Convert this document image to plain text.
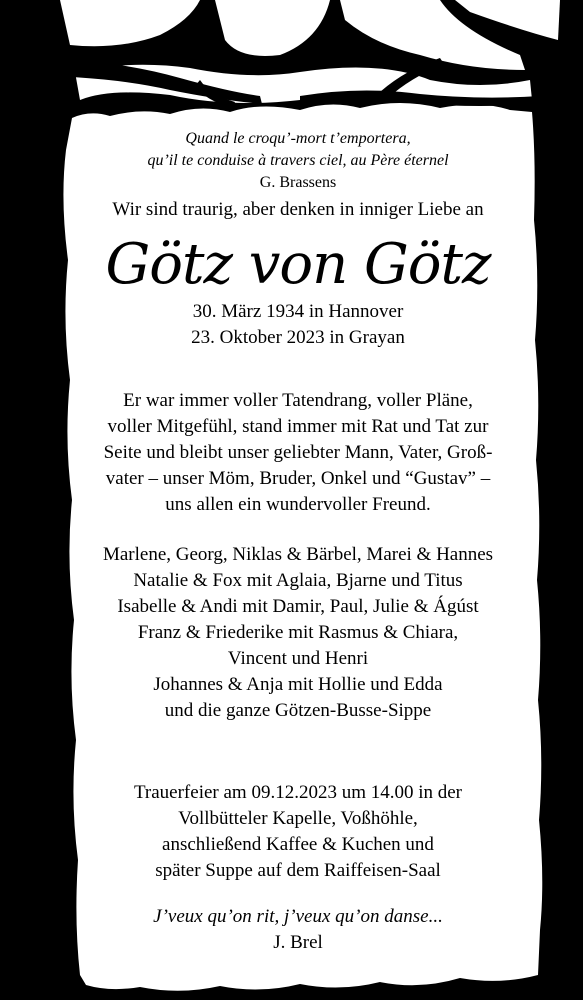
Quand le croqu’-mort t’emportera,
qu’il te conduise à travers ciel, au Père éternel
G. Brassens
Wir sind traurig, aber denken in inniger Liebe an
Götz von Götz
30. März 1934 in Hannover
23. Oktober 2023 in Grayan
Er war immer voller Tatendrang, voller Pläne,
voller Mitgefühl, stand immer mit Rat und Tat zur
Seite und bleibt unser geliebter Mann, Vater, Groß-
vater – unser Möm, Bruder, Onkel und “Gustav” –
uns allen ein wundervoller Freund.
Marlene, Georg, Niklas & Bärbel, Marei & Hannes
Natalie & Fox mit Aglaia, Bjarne und Titus
Isabelle & Andi mit Damir, Paul, Julie & Ágúst
Franz & Friederike mit Rasmus & Chiara,
Vincent und Henri
Johannes & Anja mit Hollie und Edda
und die ganze Götzen-Busse-Sippe
Trauerfeier am 09.12.2023 um 14.00 in der
Vollbütteler Kapelle, Voßhöhle,
anschließend Kaffee & Kuchen und
später Suppe auf dem Raiffeisen-Saal
J’veux qu’on rit, j’veux qu’on danse...
J. Brel
